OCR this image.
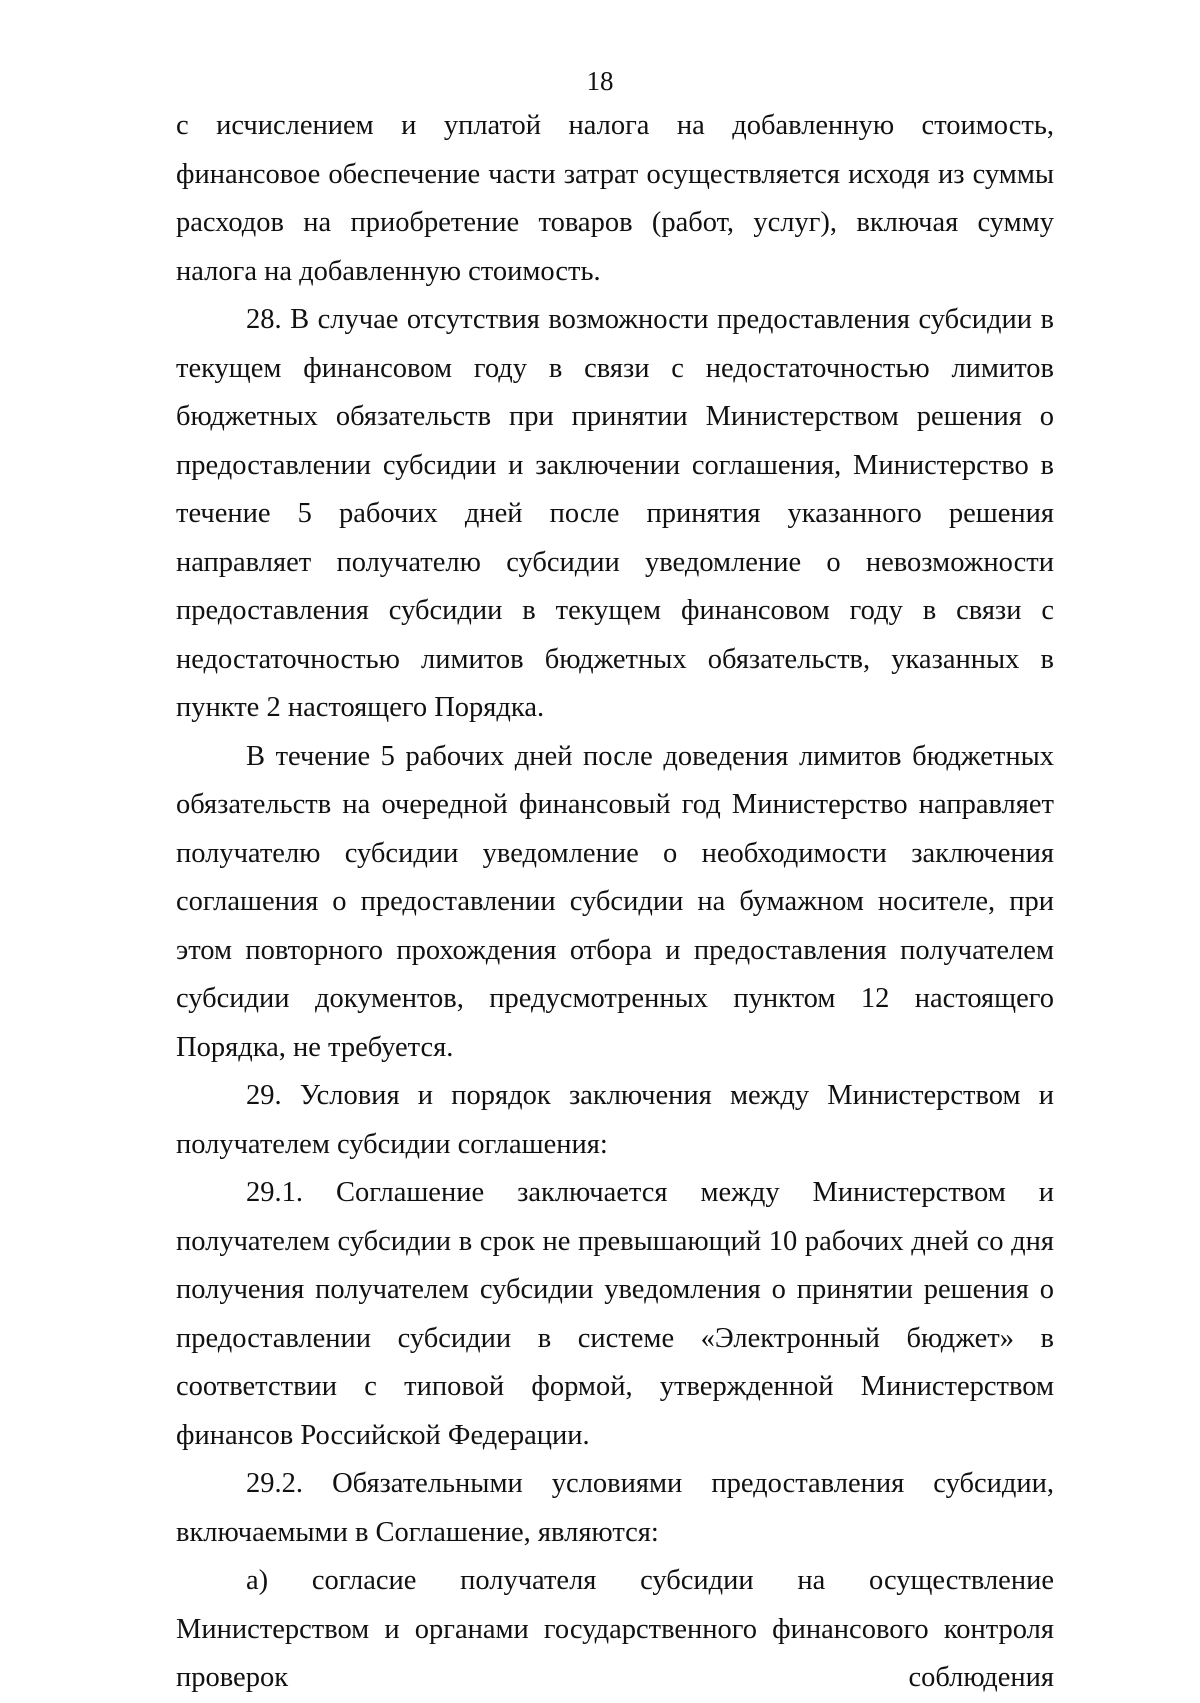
18

с исчислением и уплатой налога на добавленную стоимость, финансовое обеспечение части затрат осуществляется исходя из суммы расходов на приобретение товаров (работ, услуг), включая сумму налога на добавленную стоимость.

28. В случае отсутствия возможности предоставления субсидии в текущем финансовом году в связи с недостаточностью лимитов бюджетных обязательств при принятии Министерством решения о предоставлении субсидии и заключении соглашения, Министерство в течение 5 рабочих дней после принятия указанного решения направляет получателю субсидии уведомление о невозможности предоставления субсидии в текущем финансовом году в связи с недостаточностью лимитов бюджетных обязательств, указанных в пункте 2 настоящего Порядка.

В течение 5 рабочих дней после доведения лимитов бюджетных обязательств на очередной финансовый год Министерство направляет получателю субсидии уведомление о необходимости заключения соглашения о предоставлении субсидии на бумажном носителе, при этом повторного прохождения отбора и предоставления получателем субсидии документов, предусмотренных пунктом 12 настоящего Порядка, не требуется.

29. Условия и порядок заключения между Министерством и получателем субсидии соглашения:

29.1. Соглашение заключается между Министерством и получателем субсидии в срок не превышающий 10 рабочих дней со дня получения получателем субсидии уведомления о принятии решения о предоставлении субсидии в системе «Электронный бюджет» в соответствии с типовой формой, утвержденной Министерством финансов Российской Федерации.

29.2. Обязательными условиями предоставления субсидии, включаемыми в Соглашение, являются:

а) согласие получателя субсидии на осуществление Министерством и органами государственного финансового контроля проверок соблюдения
